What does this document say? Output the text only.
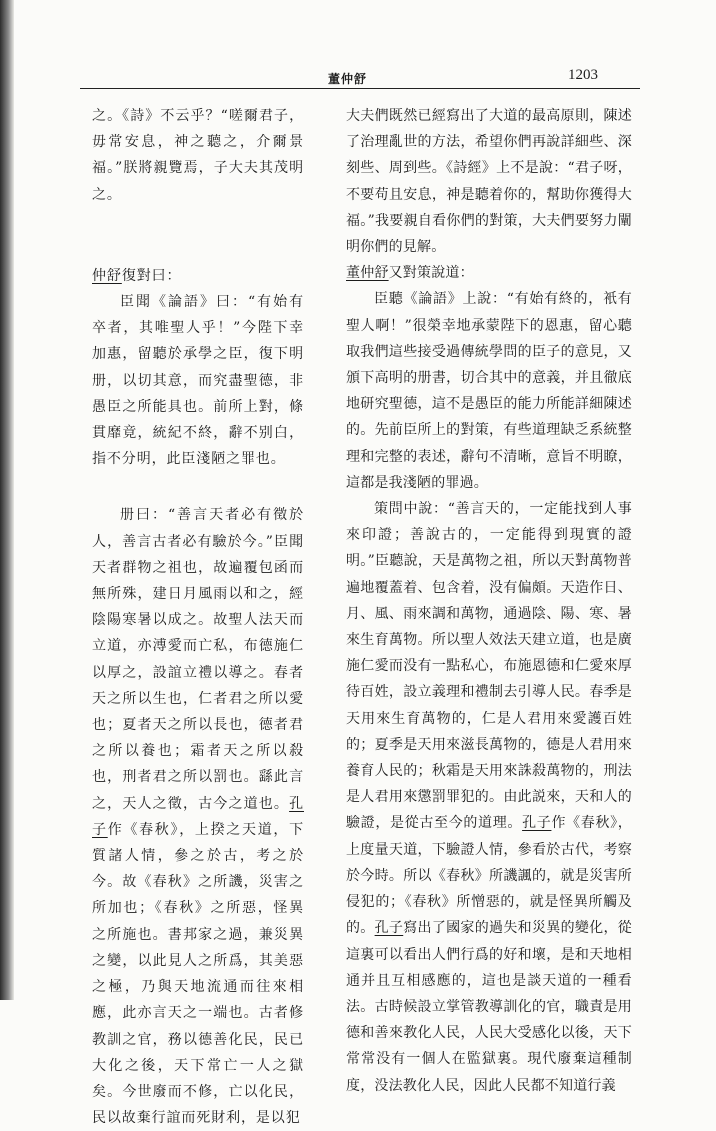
董仲舒	1203

之。《詩》不云乎？“嗟爾君子，毋常安息，神之聽之，介爾景福。”朕將親覽焉，子大夫其茂明之。

仲舒復對曰：

臣聞《論語》曰：“有始有卒者，其唯聖人乎！”今陛下幸加惠，留聽於承學之臣，復下明册，以切其意，而究盡聖德，非愚臣之所能具也。前所上對，條貫靡竟，統紀不終，辭不别白，指不分明，此臣淺陋之罪也。

册曰：“善言天者必有徵於人，善言古者必有驗於今。”臣聞天者群物之祖也，故遍覆包函而無所殊，建日月風雨以和之，經陰陽寒暑以成之。故聖人法天而立道，亦溥愛而亡私，布德施仁以厚之，設誼立禮以導之。春者天之所以生也，仁者君之所以愛也；夏者天之所以長也，德者君之所以養也；霜者天之所以殺也，刑者君之所以罰也。繇此言之，天人之徵，古今之道也。孔子作《春秋》，上揆之天道，下質諸人情，參之於古，考之於今。故《春秋》之所譏，災害之所加也；《春秋》之所惡，怪異之所施也。書邦家之過，兼災異之變，以此見人之所爲，其美惡之極，乃與天地流通而往來相應，此亦言天之一端也。古者修教訓之官，務以德善化民，民已大化之後，天下常亡一人之獄矣。今世廢而不修，亡以化民，民以故棄行誼而死財利，是以犯

大夫們既然已經寫出了大道的最高原則，陳述了治理亂世的方法，希望你們再說詳細些、深刻些、周到些。《詩經》上不是說：“君子呀，不要苟且安息，神是聽着你的，幫助你獲得大福。”我要親自看你們的對策，大夫們要努力闡明你們的見解。

董仲舒又對策說道：

臣聽《論語》上說：“有始有終的，衹有聖人啊！”很榮幸地承蒙陛下的恩惠，留心聽取我們這些接受過傳統學問的臣子的意見，又頒下高明的册書，切合其中的意義，并且徹底地研究聖德，這不是愚臣的能力所能詳細陳述的。先前臣所上的對策，有些道理缺乏系統整理和完整的表述，辭句不清晰，意旨不明瞭，這都是我淺陋的罪過。

策問中說：“善言天的，一定能找到人事來印證；善說古的，一定能得到現實的證明。”臣聽說，天是萬物之祖，所以天對萬物普遍地覆蓋着、包含着，没有偏頗。天造作日、月、風、雨來調和萬物，通過陰、陽、寒、暑來生育萬物。所以聖人效法天建立道，也是廣施仁愛而没有一點私心，布施恩德和仁愛來厚待百姓，設立義理和禮制去引導人民。春季是天用來生育萬物的，仁是人君用來愛護百姓的；夏季是天用來滋長萬物的，德是人君用來養育人民的；秋霜是天用來誅殺萬物的，刑法是人君用來懲罰罪犯的。由此説來，天和人的驗證，是從古至今的道理。孔子作《春秋》，上度量天道，下驗證人情，參看於古代，考察於今時。所以《春秋》所譏諷的，就是災害所侵犯的；《春秋》所憎惡的，就是怪異所觸及的。孔子寫出了國家的過失和災異的變化，從這裏可以看出人們行爲的好和壞，是和天地相通并且互相感應的，這也是談天道的一種看法。古時候設立掌管教導訓化的官，職責是用德和善來教化人民，人民大受感化以後，天下常常没有一個人在監獄裏。現代廢棄這種制度，没法教化人民，因此人民都不知道行義
